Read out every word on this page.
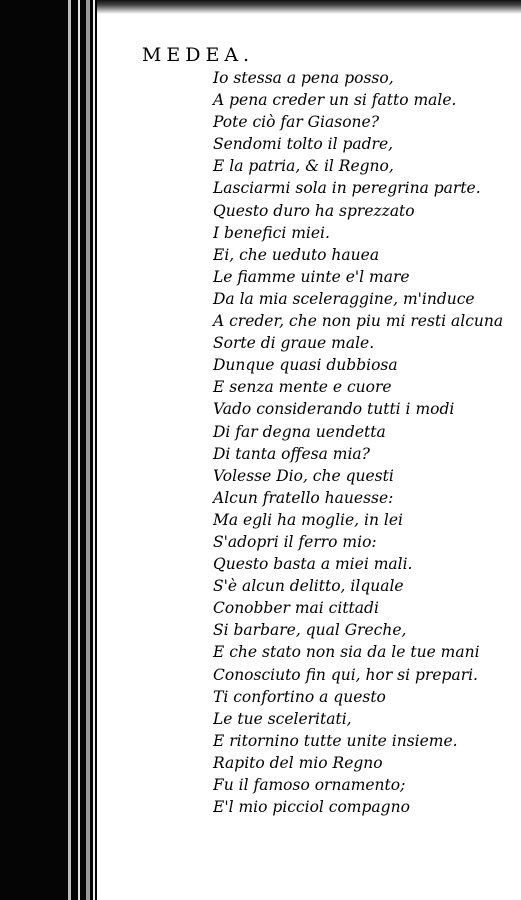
MEDEA.
Io stessa a pena posso,
A pena creder un si fatto male.
Pote ciò far Giasone?
Sendomi tolto il padre,
E la patria, & il Regno,
Lasciarmi sola in peregrina parte.
Questo duro ha sprezzato
I benefici miei.
Ei, che ueduto hauea
Le fiamme uinte e'l mare
Da la mia sceleraggine, m'induce
A creder, che non piu mi resti alcuna
Sorte di graue male.
Dunque quasi dubbiosa
E senza mente e cuore
Vado considerando tutti i modi
Di far degna uendetta
Di tanta offesa mia?
Volesse Dio, che questi
Alcun fratello hauesse:
Ma egli ha moglie, in lei
S'adopri il ferro mio:
Questo basta a miei mali.
S'è alcun delitto, ilquale
Conobber mai cittadi
Si barbare, qual Greche,
E che stato non sia da le tue mani
Conosciuto fin qui, hor si prepari.
Ti confortino a questo
Le tue sceleritati,
E ritornino tutte unite insieme.
Rapito del mio Regno
Fu il famoso ornamento;
E'l mio picciol compagno
